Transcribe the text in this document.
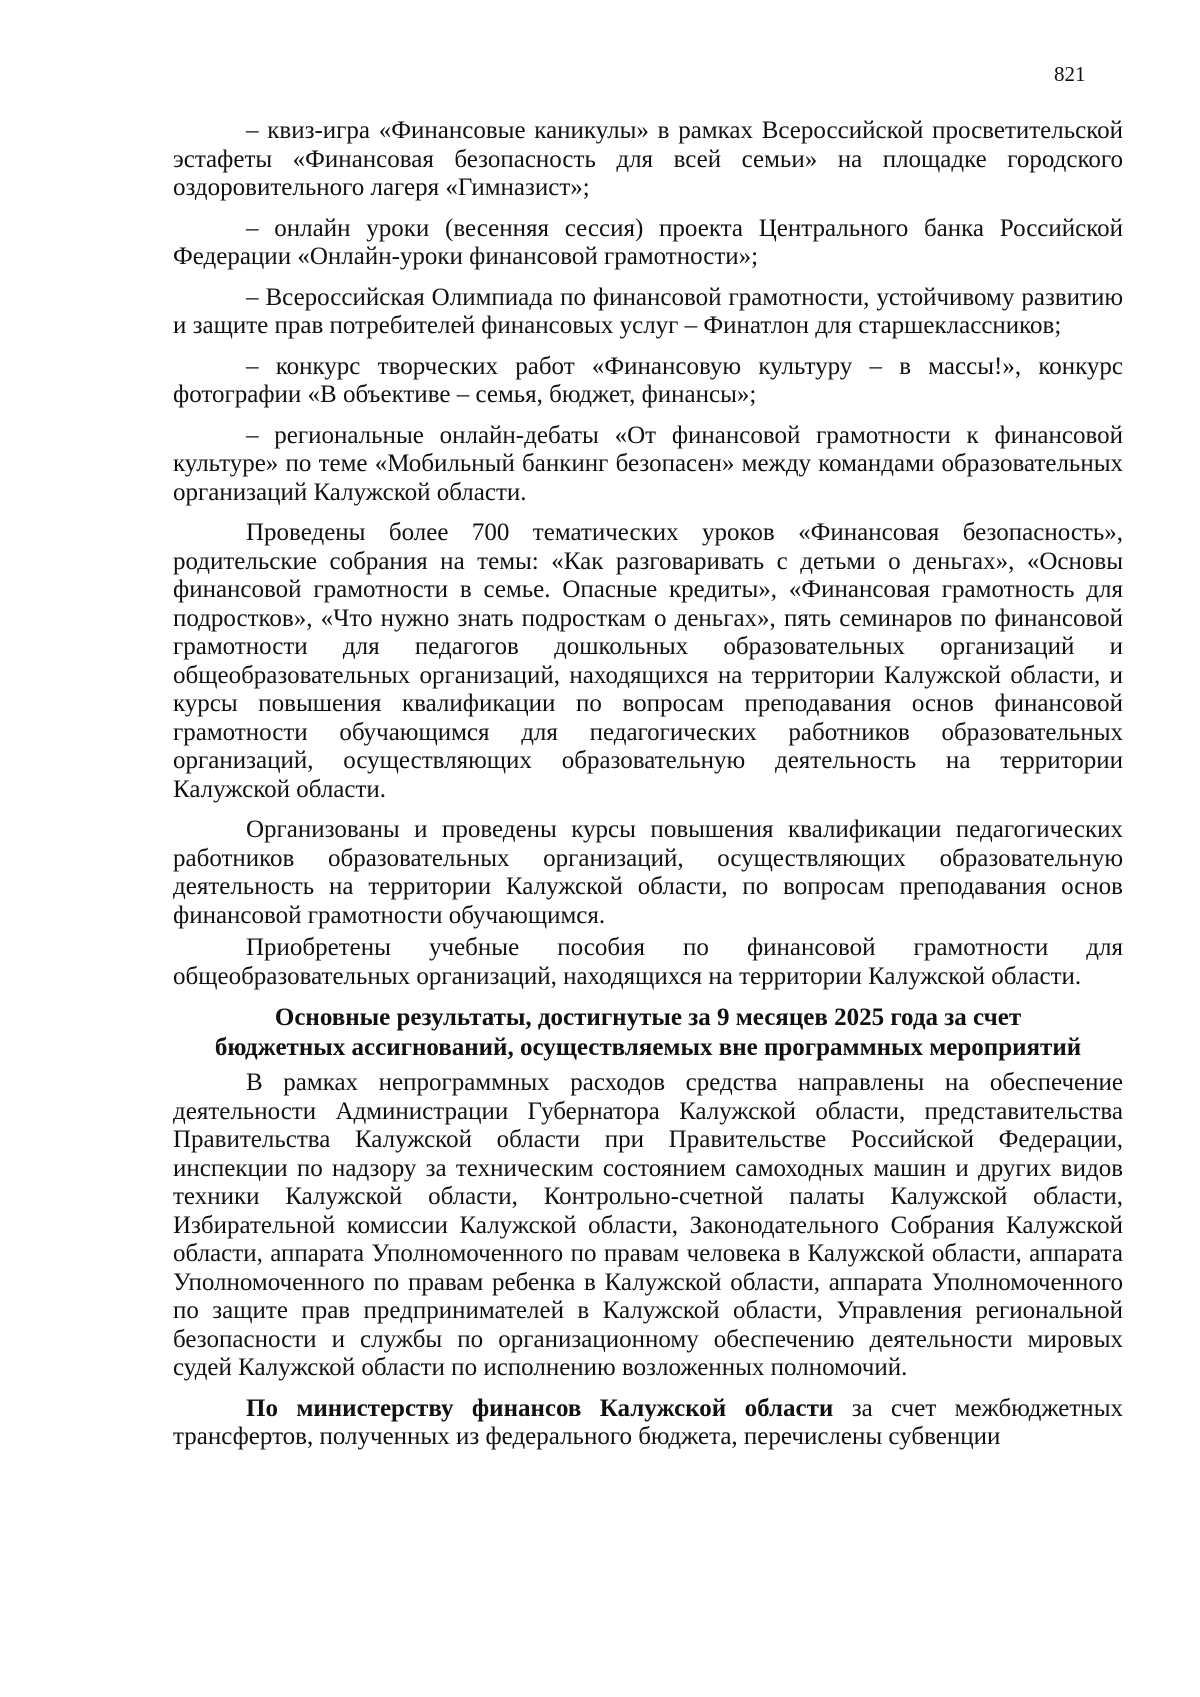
821

– квиз-игра «Финансовые каникулы» в рамках Всероссийской просветительской эстафеты «Финансовая безопасность для всей семьи» на площадке городского оздоровительного лагеря «Гимназист»;

– онлайн уроки (весенняя сессия) проекта Центрального банка Российской Федерации «Онлайн-уроки финансовой грамотности»;

– Всероссийская Олимпиада по финансовой грамотности, устойчивому развитию и защите прав потребителей финансовых услуг – Финатлон для старшеклассников;

– конкурс творческих работ «Финансовую культуру – в массы!», конкурс фотографии «В объективе – семья, бюджет, финансы»;

– региональные онлайн-дебаты «От финансовой грамотности к финансовой культуре» по теме «Мобильный банкинг безопасен» между командами образовательных организаций Калужской области.

Проведены более 700 тематических уроков «Финансовая безопасность», родительские собрания на темы: «Как разговаривать с детьми о деньгах», «Основы финансовой грамотности в семье. Опасные кредиты», «Финансовая грамотность для подростков», «Что нужно знать подросткам о деньгах», пять семинаров по финансовой грамотности для педагогов дошкольных образовательных организаций и общеобразовательных организаций, находящихся на территории Калужской области, и курсы повышения квалификации по вопросам преподавания основ финансовой грамотности обучающимся для педагогических работников образовательных организаций, осуществляющих образовательную деятельность на территории Калужской области.

Организованы и проведены курсы повышения квалификации педагогических работников образовательных организаций, осуществляющих образовательную деятельность на территории Калужской области, по вопросам преподавания основ финансовой грамотности обучающимся.

Приобретены учебные пособия по финансовой грамотности для общеобразовательных организаций, находящихся на территории Калужской области.

Основные результаты, достигнутые за 9 месяцев 2025 года за счет
бюджетных ассигнований, осуществляемых вне программных мероприятий

В рамках непрограммных расходов средства направлены на обеспечение деятельности Администрации Губернатора Калужской области, представительства Правительства Калужской области при Правительстве Российской Федерации, инспекции по надзору за техническим состоянием самоходных машин и других видов техники Калужской области, Контрольно-счетной палаты Калужской области, Избирательной комиссии Калужской области, Законодательного Собрания Калужской области, аппарата Уполномоченного по правам человека в Калужской области, аппарата Уполномоченного по правам ребенка в Калужской области, аппарата Уполномоченного по защите прав предпринимателей в Калужской области, Управления региональной безопасности и службы по организационному обеспечению деятельности мировых судей Калужской области по исполнению возложенных полномочий.

По министерству финансов Калужской области за счет межбюджетных трансфертов, полученных из федерального бюджета, перечислены субвенции
